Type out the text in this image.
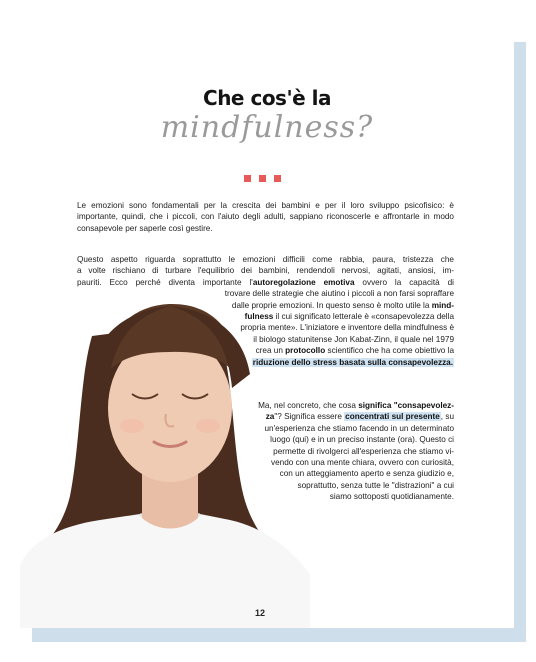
Che cos'è la
mindfulness?

Le emozioni sono fondamentali per la crescita dei bambini e per il loro sviluppo psicofisico: è importante, quindi, che i piccoli, con l'aiuto degli adulti, sappiano riconoscerle e affrontarle in modo consapevole per saperle così gestire.

Questo aspetto riguarda soprattutto le emozioni difficili come rabbia, paura, tristezza che
a volte rischiano di turbare l'equilibrio dei bambini, rendendoli nervosi, agitati, ansiosi, im-
pauriti. Ecco perché diventa importante l'autoregolazione emotiva ovvero la capacità di
trovare delle strategie che aiutino i piccoli a non farsi sopraffare
dalle proprie emozioni. In questo senso è molto utile la mind-
fulness il cui significato letterale è «consapevolezza della
propria mente». L'iniziatore e inventore della mindfulness è
il biologo statunitense Jon Kabat-Zinn, il quale nel 1979
crea un protocollo scientifico che ha come obiettivo la
riduzione dello stress basata sulla consapevolezza.

Ma, nel concreto, che cosa significa "consapevolez-
za"? Significa essere concentrati sul presente, su
un'esperienza che stiamo facendo in un determinato
luogo (qui) e in un preciso instante (ora). Questo ci
permette di rivolgerci all'esperienza che stiamo vi-
vendo con una mente chiara, ovvero con curiosità,
con un atteggiamento aperto e senza giudizio e,
soprattutto, senza tutte le "distrazioni" a cui
siamo sottoposti quotidianamente.

12
